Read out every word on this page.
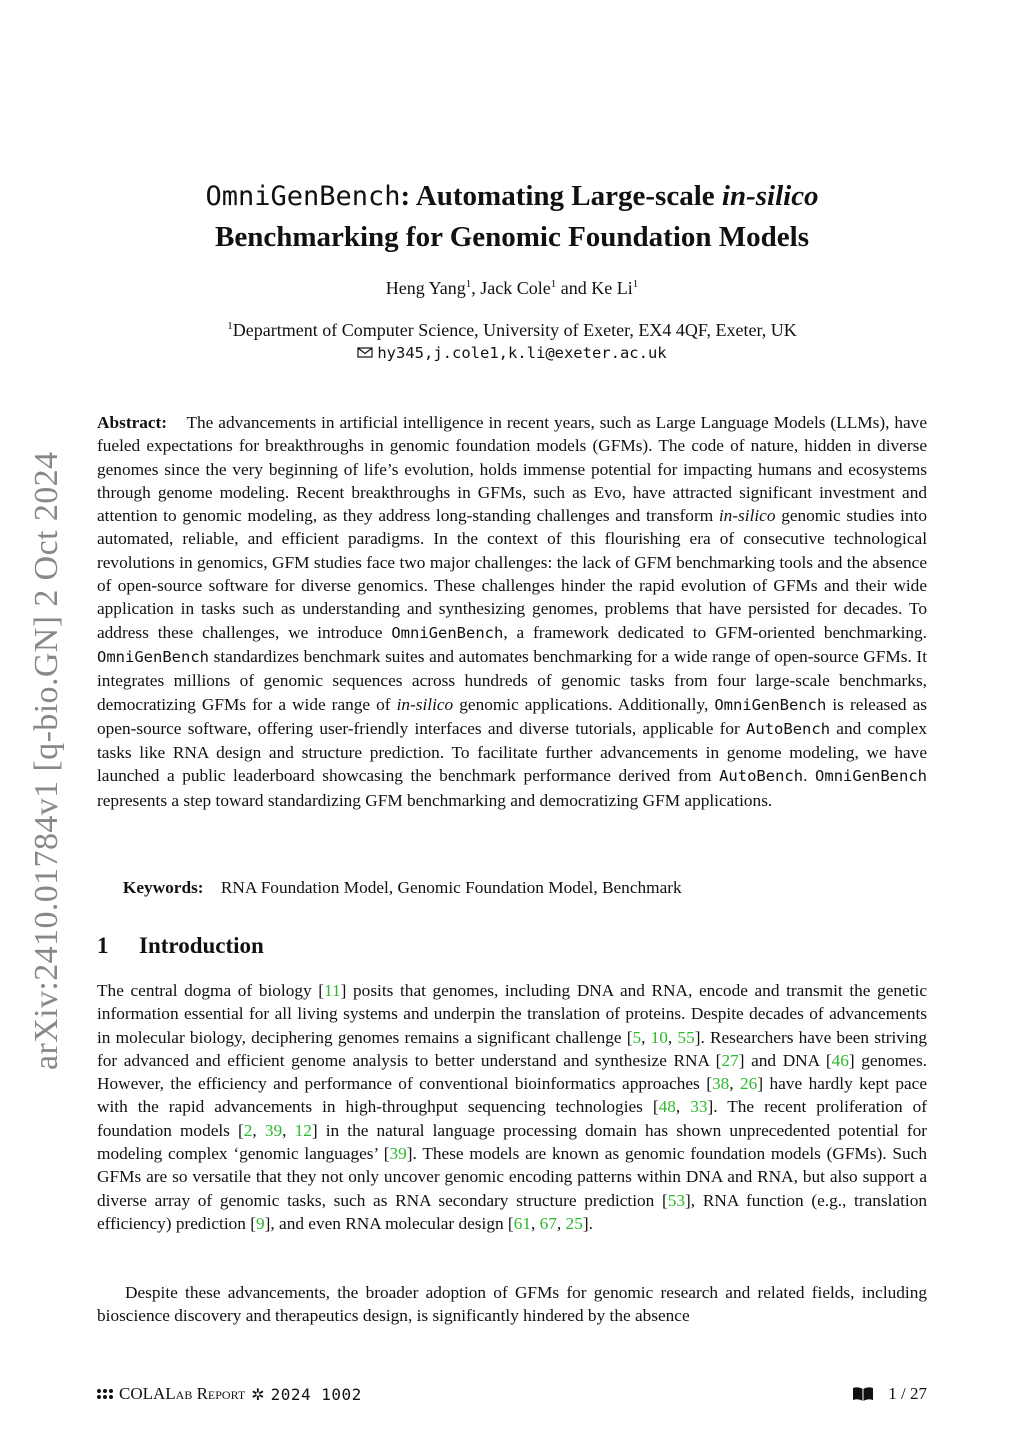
arXiv:2410.01784v1 [q-bio.GN] 2 Oct 2024
OmniGenBench: Automating Large-scale in-silico
Benchmarking for Genomic Foundation Models
Heng Yang$^1$, Jack Cole$^1$ and Ke Li$^1$
$^1$Department of Computer Science, University of Exeter, EX4 4QF, Exeter, UK
hy345,j.cole1,k.li@exeter.ac.uk
Abstract: The advancements in artificial intelligence in recent years, such as Large Language Models (LLMs), have fueled expectations for breakthroughs in genomic foundation models (GFMs). The code of nature, hidden in diverse genomes since the very beginning of life’s evolution, holds immense potential for impacting humans and ecosystems through genome modeling. Recent breakthroughs in GFMs, such as Evo, have attracted significant investment and attention to genomic modeling, as they address long-standing challenges and transform in-silico genomic studies into automated, reliable, and efficient paradigms. In the context of this flourishing era of consecutive technological revolutions in genomics, GFM studies face two major challenges: the lack of GFM benchmarking tools and the absence of open-source software for diverse genomics. These challenges hinder the rapid evolution of GFMs and their wide application in tasks such as understanding and synthesizing genomes, problems that have persisted for decades. To address these challenges, we introduce OmniGenBench, a framework dedicated to GFM-oriented benchmarking. OmniGenBench standardizes benchmark suites and automates benchmarking for a wide range of open-source GFMs. It integrates millions of genomic sequences across hundreds of genomic tasks from four large-scale benchmarks, democratizing GFMs for a wide range of in-silico genomic applications. Additionally, OmniGenBench is released as open-source software, offering user-friendly interfaces and diverse tutorials, applicable for AutoBench and complex tasks like RNA design and structure prediction. To facilitate further advancements in genome modeling, we have launched a public leaderboard showcasing the benchmark performance derived from AutoBench. OmniGenBench represents a step toward standardizing GFM benchmarking and democratizing GFM applications.
Keywords: RNA Foundation Model, Genomic Foundation Model, Benchmark
1 Introduction
The central dogma of biology [11] posits that genomes, including DNA and RNA, encode and transmit the genetic information essential for all living systems and underpin the translation of proteins. Despite decades of advancements in molecular biology, deciphering genomes remains a significant challenge [5, 10, 55]. Researchers have been striving for advanced and efficient genome analysis to better understand and synthesize RNA [27] and DNA [46] genomes. However, the efficiency and performance of conventional bioinformatics approaches [38, 26] have hardly kept pace with the rapid advancements in high-throughput sequencing technologies [48, 33]. The recent proliferation of foundation models [2, 39, 12] in the natural language processing domain has shown unprecedented potential for modeling complex ‘genomic languages’ [39]. These models are known as genomic foundation models (GFMs). Such GFMs are so versatile that they not only uncover genomic encoding patterns within DNA and RNA, but also support a diverse array of genomic tasks, such as RNA secondary structure prediction [53], RNA function (e.g., translation efficiency) prediction [9], and even RNA molecular design [61, 67, 25].
Despite these advancements, the broader adoption of GFMs for genomic research and related fields, including bioscience discovery and therapeutics design, is significantly hindered by the absence
COLALab Report ✲ 2024 1002	1 / 27
